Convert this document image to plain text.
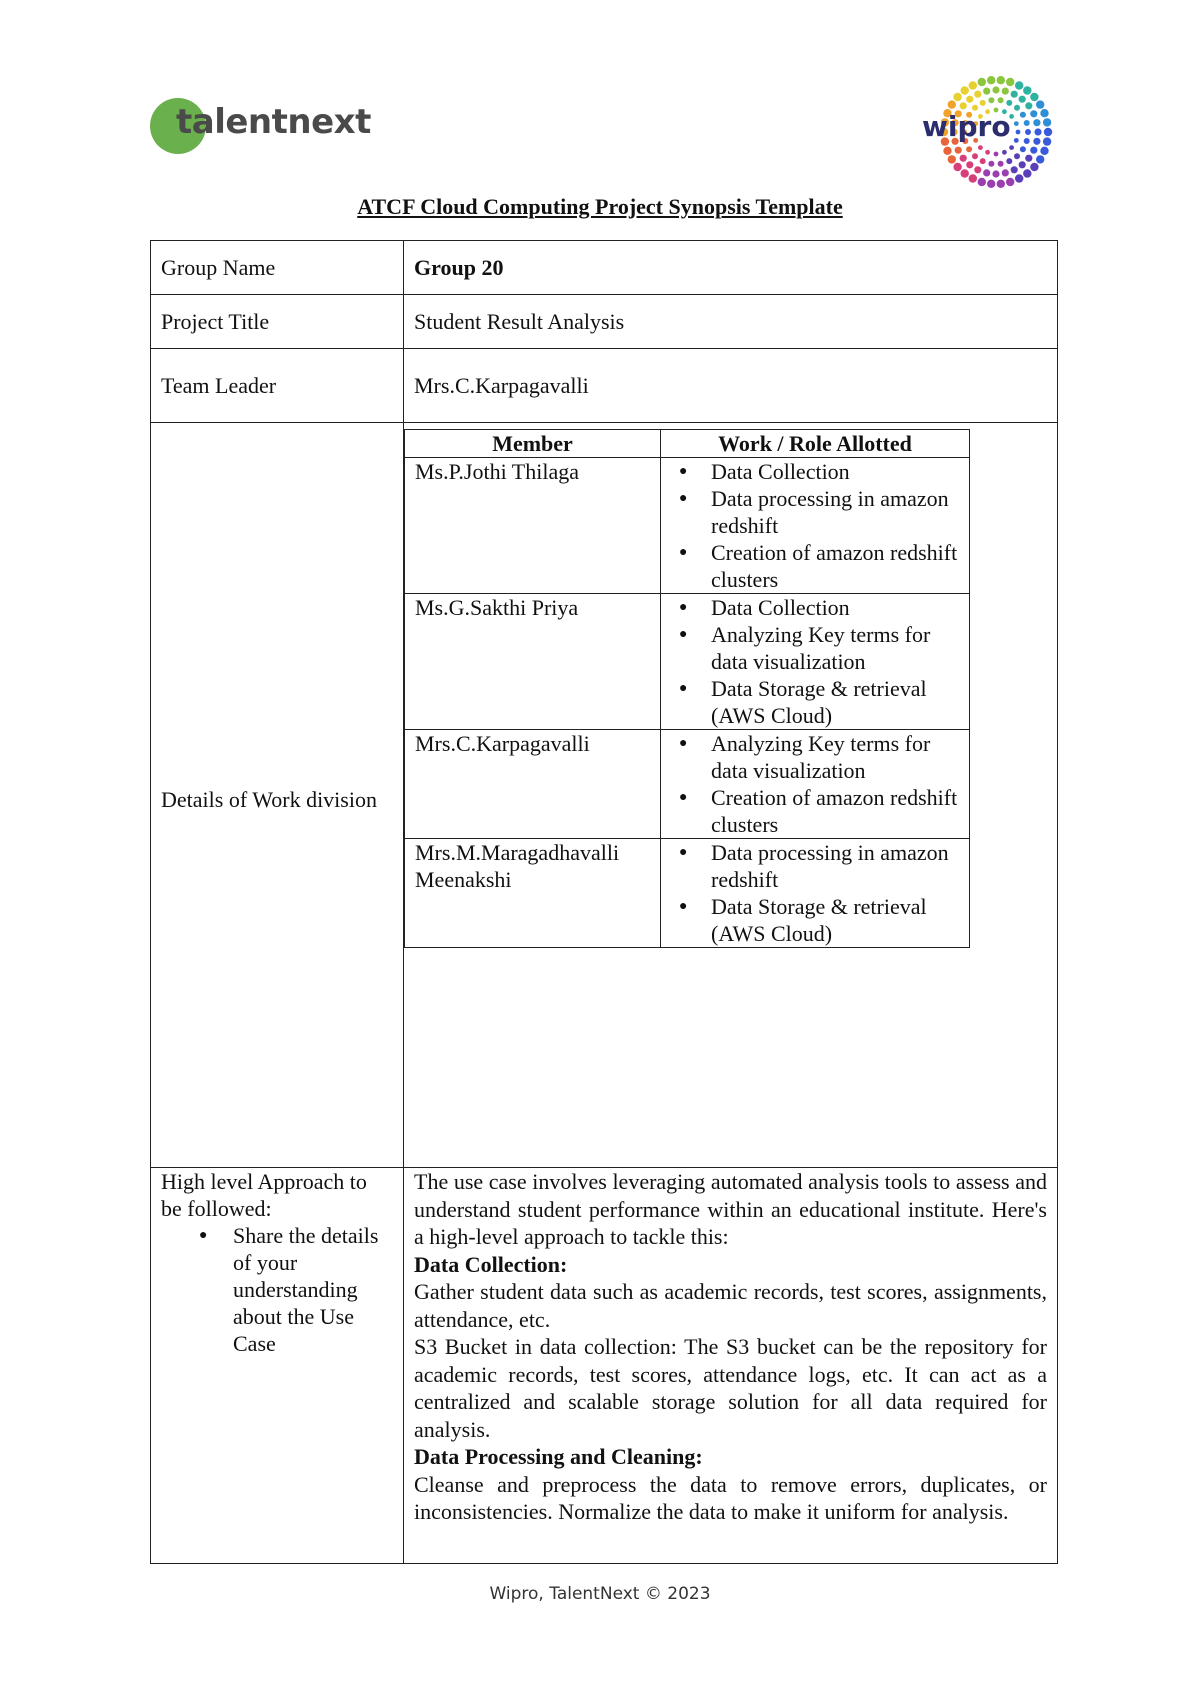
talentnext	wipro
ATCF Cloud Computing Project Synopsis Template
Group Name	Group 20
Project Title	Student Result Analysis
Team Leader	Mrs.C.Karpagavalli
Details of Work division	
Member	Work / Role Allotted
Ms.P.Jothi Thilaga	
●Data Collection
● Data processing in amazon redshift
● Creation of amazon redshift clusters

Ms.G.Sakthi Priya	
●Data Collection
● Analyzing Key terms for data visualization
● Data Storage & retrieval (AWS Cloud)

Mrs.C.Karpagavalli	
●Analyzing Key terms for data visualization
● Creation of amazon redshift clusters

Mrs.M.Maragadhavalli Meenakshi	
● Data processing in amazon redshift
● Data Storage & retrieval (AWS Cloud)

High level Approach to be followed:
● Share the details of your understanding about the Use Case

The use case involves leveraging automated analysis tools to assess and understand student performance within an educational institute. Here's a high-level approach to tackle this:

Data Collection:

Gather student data such as academic records, test scores, assignments, attendance, etc.

S3 Bucket in data collection: The S3 bucket can be the repository for academic records, test scores, attendance logs, etc. It can act as a centralized and scalable storage solution for all data required for analysis.

Data Processing and Cleaning:

Cleanse and preprocess the data to remove errors, duplicates, or inconsistencies. Normalize the data to make it uniform for analysis.

Wipro, TalentNext © 2023
